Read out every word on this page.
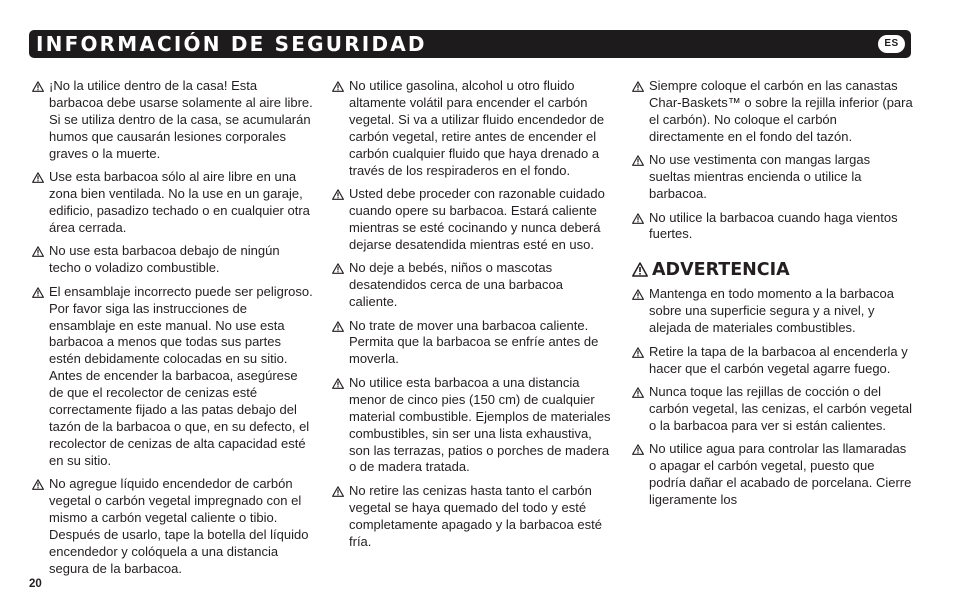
INFORMACIÓN DE SEGURIDAD	ES
¡No la utilice dentro de la casa! Esta barbacoa debe usarse solamente al aire libre. Si se utiliza dentro de la casa, se acumularán humos que causarán lesiones corporales graves o la muerte.
Use esta barbacoa sólo al aire libre en una zona bien ventilada. No la use en un garaje, edificio, pasadizo techado o en cualquier otra área cerrada.
No use esta barbacoa debajo de ningún techo o voladizo combustible.
El ensamblaje incorrecto puede ser peligroso. Por favor siga las instrucciones de ensamblaje en este manual. No use esta barbacoa a menos que todas sus partes estén debidamente colocadas en su sitio. Antes de encender la barbacoa, asegúrese de que el recolector de cenizas esté correctamente fijado a las patas debajo del tazón de la barbacoa o que, en su defecto, el recolector de cenizas de alta capacidad esté en su sitio.
No agregue líquido encendedor de carbón vegetal o carbón vegetal impregnado con el mismo a carbón vegetal caliente o tibio. Después de usarlo, tape la botella del líquido encendedor y colóquela a una distancia segura de la barbacoa.
No utilice gasolina, alcohol u otro fluido altamente volátil para encender el carbón vegetal. Si va a utilizar fluido encendedor de carbón vegetal, retire antes de encender el carbón cualquier fluido que haya drenado a través de los respiraderos en el fondo.
Usted debe proceder con razonable cuidado cuando opere su barbacoa. Estará caliente mientras se esté cocinando y nunca deberá dejarse desatendida mientras esté en uso.
No deje a bebés, niños o mascotas desatendidos cerca de una barbacoa caliente.
No trate de mover una barbacoa caliente. Permita que la barbacoa se enfríe antes de moverla.
No utilice esta barbacoa a una distancia menor de cinco pies (150 cm) de cualquier material combustible. Ejemplos de materiales combustibles, sin ser una lista exhaustiva, son las terrazas, patios o porches de madera o de madera tratada.
No retire las cenizas hasta tanto el carbón vegetal se haya quemado del todo y esté completamente apagado y la barbacoa esté fría.
Siempre coloque el carbón en las canastas Char-Baskets™ o sobre la rejilla inferior (para el carbón). No coloque el carbón directamente en el fondo del tazón.
No use vestimenta con mangas largas sueltas mientras encienda o utilice la barbacoa.
No utilice la barbacoa cuando haga vientos fuertes.
ADVERTENCIA
Mantenga en todo momento a la barbacoa sobre una superficie segura y a nivel, y alejada de materiales combustibles.
Retire la tapa de la barbacoa al encenderla y hacer que el carbón vegetal agarre fuego.
Nunca toque las rejillas de cocción o del carbón vegetal, las cenizas, el carbón vegetal o la barbacoa para ver si están calientes.
No utilice agua para controlar las llamaradas o apagar el carbón vegetal, puesto que podría dañar el acabado de porcelana. Cierre ligeramente los
20
